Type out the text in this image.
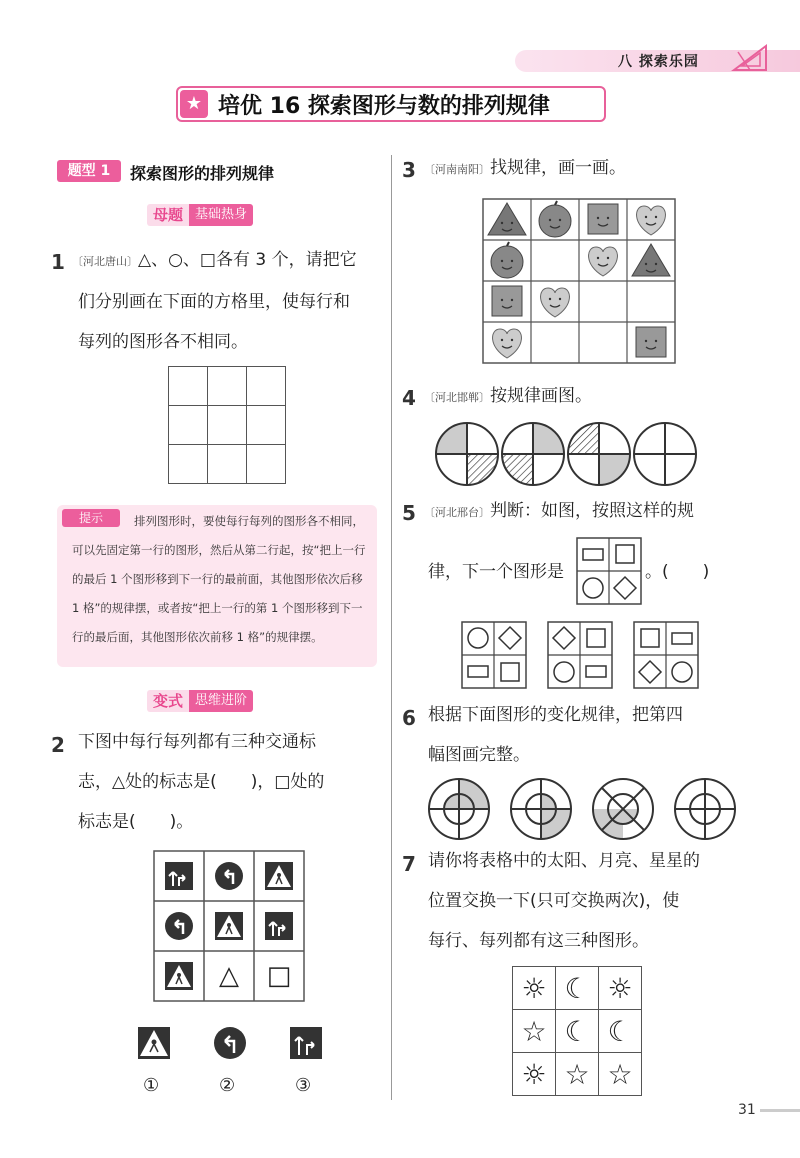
八 探索乐园
★ 培优 16 探索图形与数的排列规律
题型 1	探索图形的排列规律
母题 基础热身
1 〔河北唐山〕△、○、□各有 3 个，请把它
们分别画在下面的方格里，使每行和
每列的图形各不相同。

提示	排列图形时，要使每行每列的图形各不相同，可以先固定第一行的图形，然后从第二行起，按“把上一行的最后 1 个图形移到下一行的最前面，其他图形依次后移 1 格”的规律摆，或者按“把上一行的第 1 个图形移到下一行的最后面，其他图形依次前移 1 格”的规律摆。
变式 思维进阶
2 下图中每行每列都有三种交通标
志，△处的标志是(　　)，□处的
标志是(　　)。
△ □
①	②	③
3 〔河南南阳〕找规律，画一画。
4 〔河北邯郸〕按规律画图。
5 〔河北邢台〕判断：如图，按照这样的规
律，下一个图形是	。(　　)
6 根据下面图形的变化规律，把第四
幅图画完整。
7 请你将表格中的太阳、月亮、星星的
位置交换一下(只可交换两次)，使
每行、每列都有这三种图形。
☼	☾	☼
☆	☾	☾
☼	☆	☆
31
